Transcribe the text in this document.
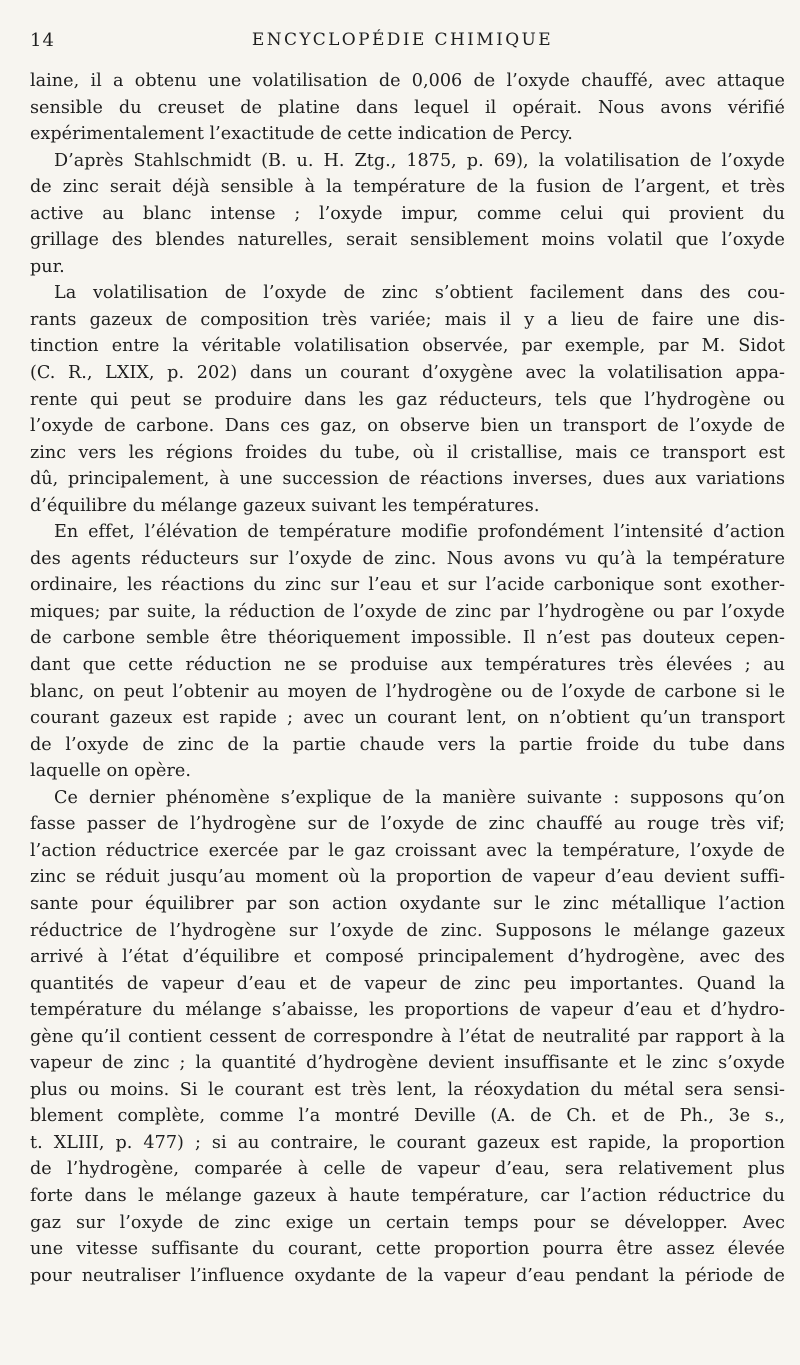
14	ENCYCLOPÉDIE CHIMIQUE
laine, il a obtenu une volatilisation de 0,006 de l’oxyde chauffé, avec attaque
sensible du creuset de platine dans lequel il opérait. Nous avons vérifié
expérimentalement l’exactitude de cette indication de Percy.
D’après Stahlschmidt (B. u. H. Ztg., 1875, p. 69), la volatilisation de l’oxyde
de zinc serait déjà sensible à la température de la fusion de l’argent, et très
active au blanc intense ; l’oxyde impur, comme celui qui provient du
grillage des blendes naturelles, serait sensiblement moins volatil que l’oxyde
pur.
La volatilisation de l’oxyde de zinc s’obtient facilement dans des cou-
rants gazeux de composition très variée; mais il y a lieu de faire une dis-
tinction entre la véritable volatilisation observée, par exemple, par M. Sidot
(C. R., LXIX, p. 202) dans un courant d’oxygène avec la volatilisation appa-
rente qui peut se produire dans les gaz réducteurs, tels que l’hydrogène ou
l’oxyde de carbone. Dans ces gaz, on observe bien un transport de l’oxyde de
zinc vers les régions froides du tube, où il cristallise, mais ce transport est
dû, principalement, à une succession de réactions inverses, dues aux variations
d’équilibre du mélange gazeux suivant les températures.
En effet, l’élévation de température modifie profondément l’intensité d’action
des agents réducteurs sur l’oxyde de zinc. Nous avons vu qu’à la température
ordinaire, les réactions du zinc sur l’eau et sur l’acide carbonique sont exother-
miques; par suite, la réduction de l’oxyde de zinc par l’hydrogène ou par l’oxyde
de carbone semble être théoriquement impossible. Il n’est pas douteux cepen-
dant que cette réduction ne se produise aux températures très élevées ; au
blanc, on peut l’obtenir au moyen de l’hydrogène ou de l’oxyde de carbone si le
courant gazeux est rapide ; avec un courant lent, on n’obtient qu’un transport
de l’oxyde de zinc de la partie chaude vers la partie froide du tube dans
laquelle on opère.
Ce dernier phénomène s’explique de la manière suivante : supposons qu’on
fasse passer de l’hydrogène sur de l’oxyde de zinc chauffé au rouge très vif;
l’action réductrice exercée par le gaz croissant avec la température, l’oxyde de
zinc se réduit jusqu’au moment où la proportion de vapeur d’eau devient suffi-
sante pour équilibrer par son action oxydante sur le zinc métallique l’action
réductrice de l’hydrogène sur l’oxyde de zinc. Supposons le mélange gazeux
arrivé à l’état d’équilibre et composé principalement d’hydrogène, avec des
quantités de vapeur d’eau et de vapeur de zinc peu importantes. Quand la
température du mélange s’abaisse, les proportions de vapeur d’eau et d’hydro-
gène qu’il contient cessent de correspondre à l’état de neutralité par rapport à la
vapeur de zinc ; la quantité d’hydrogène devient insuffisante et le zinc s’oxyde
plus ou moins. Si le courant est très lent, la réoxydation du métal sera sensi-
blement complète, comme l’a montré Deville (A. de Ch. et de Ph., 3e s.,
t. XLIII, p. 477) ; si au contraire, le courant gazeux est rapide, la proportion
de l’hydrogène, comparée à celle de vapeur d’eau, sera relativement plus
forte dans le mélange gazeux à haute température, car l’action réductrice du
gaz sur l’oxyde de zinc exige un certain temps pour se développer. Avec
une vitesse suffisante du courant, cette proportion pourra être assez élevée
pour neutraliser l’influence oxydante de la vapeur d’eau pendant la période de
